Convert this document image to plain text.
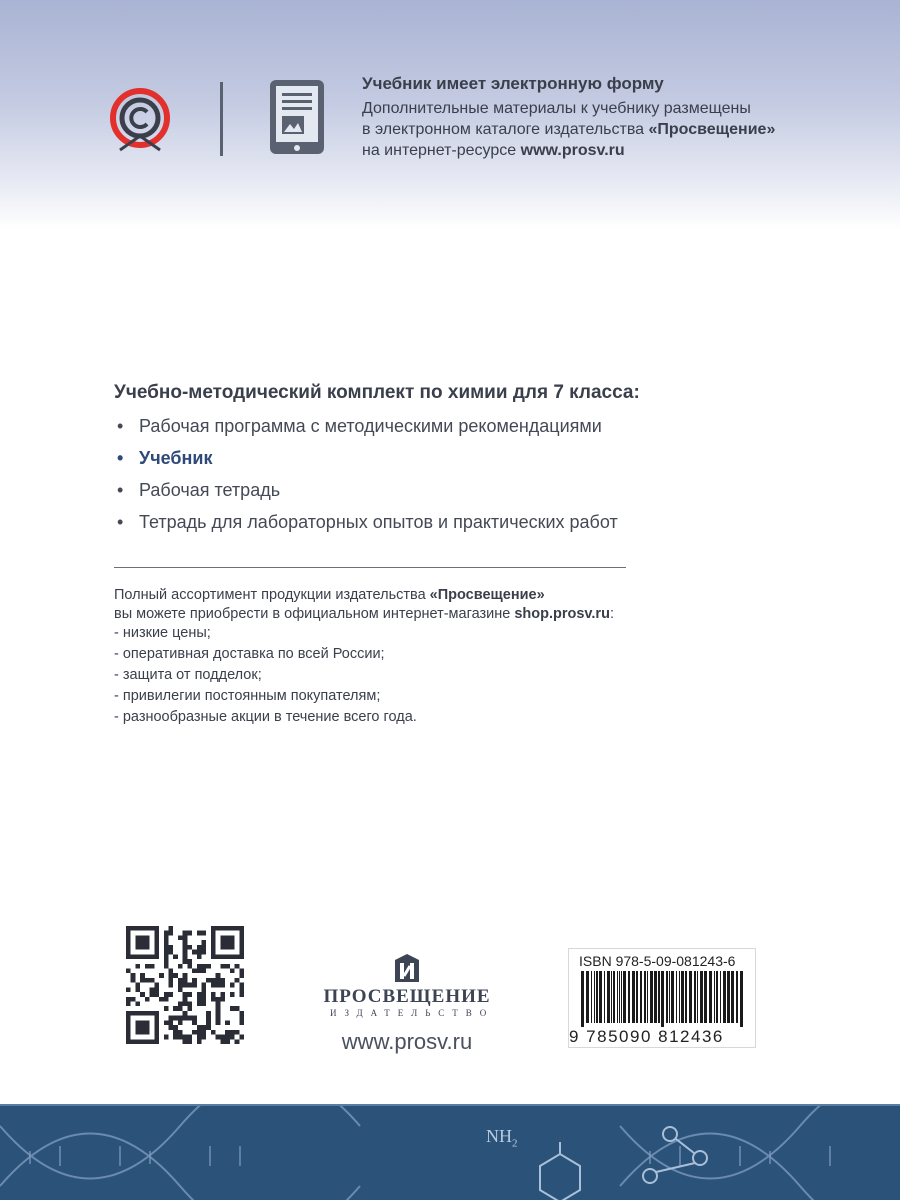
Учебник имеет электронную форму

Дополнительные материалы к учебнику размещены

в электронном каталоге издательства «Просвещение»

на интернет-ресурсе www.prosv.ru

Учебно-методический комплект по химии для 7 класса:

• Рабочая программа с методическими рекомендациями
• Учебник
• Рабочая тетрадь
• Тетрадь для лабораторных опытов и практических работ

Полный ассортимент продукции издательства «Просвещение»

вы можете приобрести в официальном интернет-магазине shop.prosv.ru:

- низкие цены;
- оперативная доставка по всей России;
- защита от подделок;
- привилегии постоянным покупателям;
- разнообразные акции в течение всего года.
ПРОСВЕЩЕНИЕ
ИЗДАТЕЛЬСТВО
www.prosv.ru
ISBN 978-5-09-081243-6
9 785090 812436
$NH_2$
